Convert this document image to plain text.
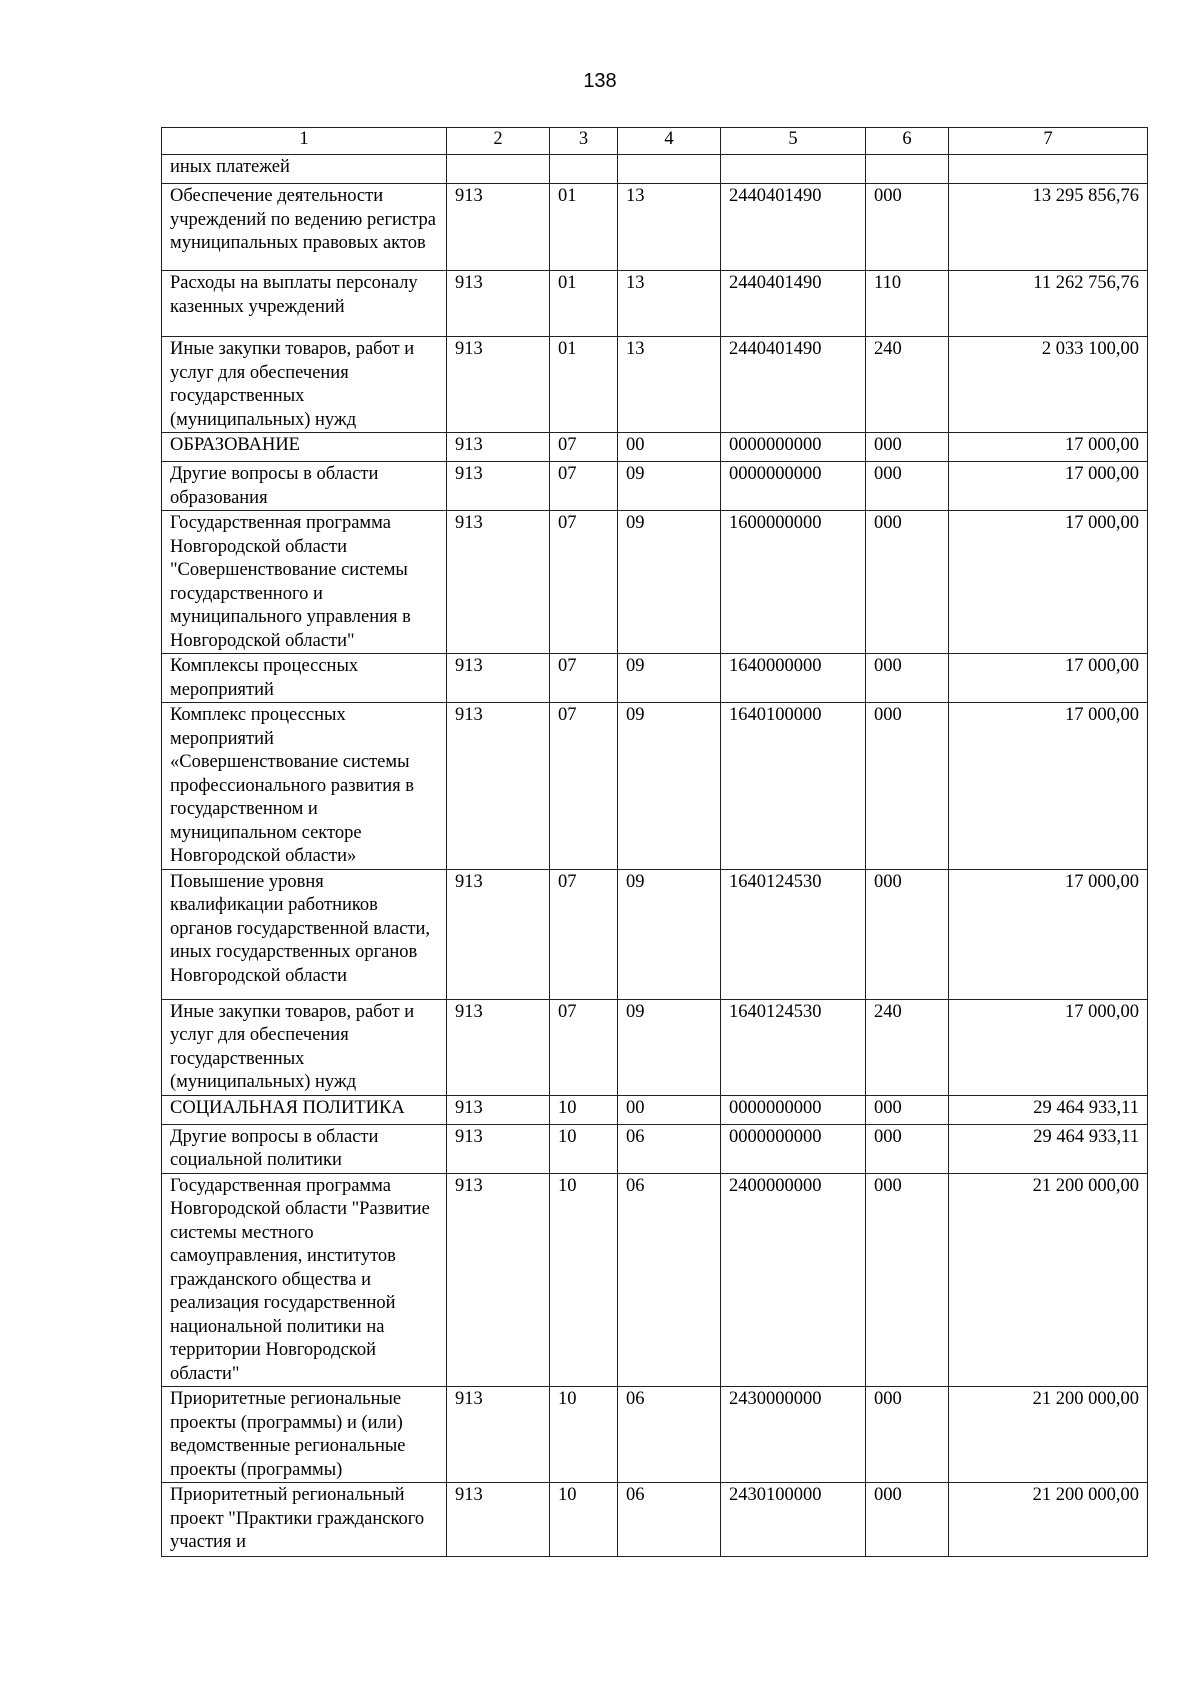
138
1	2	3	4	5	6	7
иных платежей						
Обеспечение деятельности учреждений по ведению регистра муниципальных правовых актов	913	01	13	2440401490	000	13 295 856,76
Расходы на выплаты персоналу казенных учреждений	913	01	13	2440401490	110	11 262 756,76
Иные закупки товаров, работ и услуг для обеспечения государственных (муниципальных) нужд	913	01	13	2440401490	240	2 033 100,00
ОБРАЗОВАНИЕ	913	07	00	0000000000	000	17 000,00
Другие вопросы в области образования	913	07	09	0000000000	000	17 000,00
Государственная программа Новгородской области "Совершенствование системы государственного и муниципального управления в Новгородской области"	913	07	09	1600000000	000	17 000,00
Комплексы процессных мероприятий	913	07	09	1640000000	000	17 000,00
Комплекс процессных мероприятий «Совершенствование системы профессионального развития в государственном и муниципальном секторе Новгородской области»	913	07	09	1640100000	000	17 000,00
Повышение уровня квалификации работников органов государственной власти, иных государственных органов Новгородской области	913	07	09	1640124530	000	17 000,00
Иные закупки товаров, работ и услуг для обеспечения государственных (муниципальных) нужд	913	07	09	1640124530	240	17 000,00
СОЦИАЛЬНАЯ ПОЛИТИКА	913	10	00	0000000000	000	29 464 933,11
Другие вопросы в области социальной политики	913	10	06	0000000000	000	29 464 933,11
Государственная программа Новгородской области "Развитие системы местного самоуправления, институтов гражданского общества и реализация государственной национальной политики на территории Новгородской области"	913	10	06	2400000000	000	21 200 000,00
Приоритетные региональные проекты (программы) и (или) ведомственные региональные проекты (программы)	913	10	06	2430000000	000	21 200 000,00
Приоритетный региональный проект "Практики гражданского участия и	913	10	06	2430100000	000	21 200 000,00
